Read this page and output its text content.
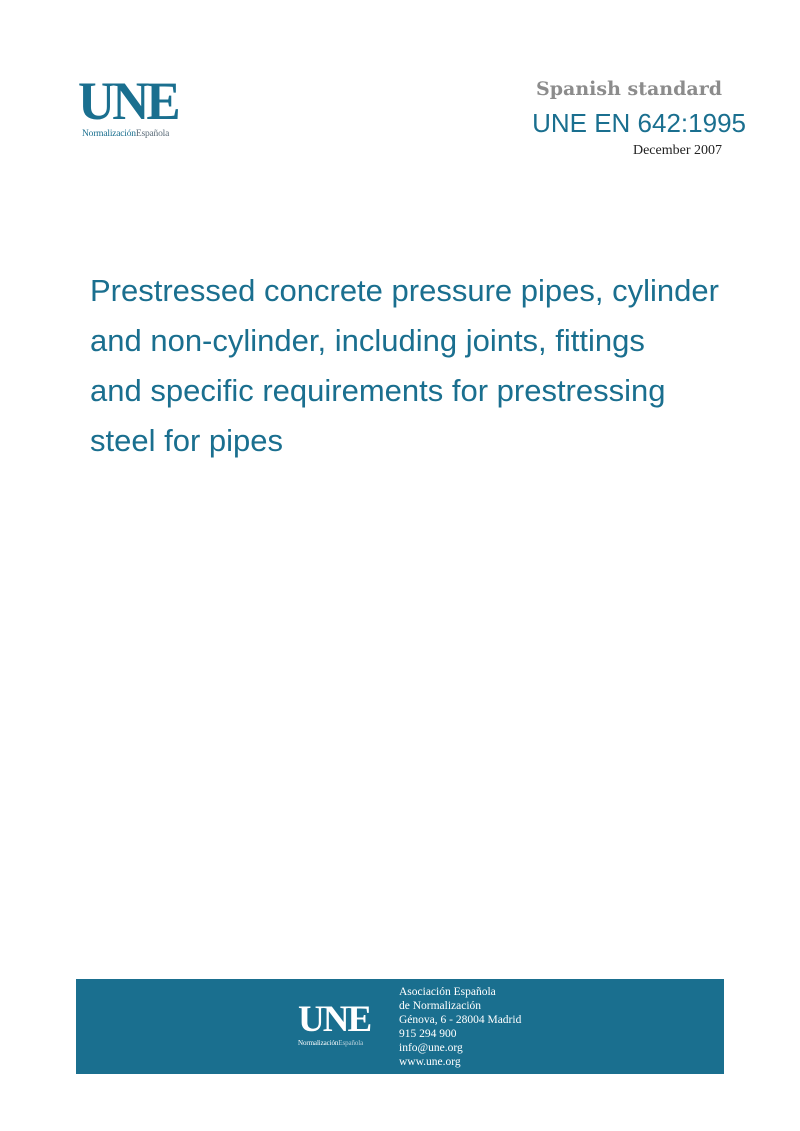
UNE
NormalizaciónEspañola
Spanish standard
UNE EN 642:1995
December 2007
Prestressed concrete pressure pipes, cylinder
and non-cylinder, including joints, fittings
and specific requirements for prestressing
steel for pipes
UNE
NormalizaciónEspañola
Asociación Española
de Normalización
Génova, 6 - 28004 Madrid
915 294 900
info@une.org
www.une.org
